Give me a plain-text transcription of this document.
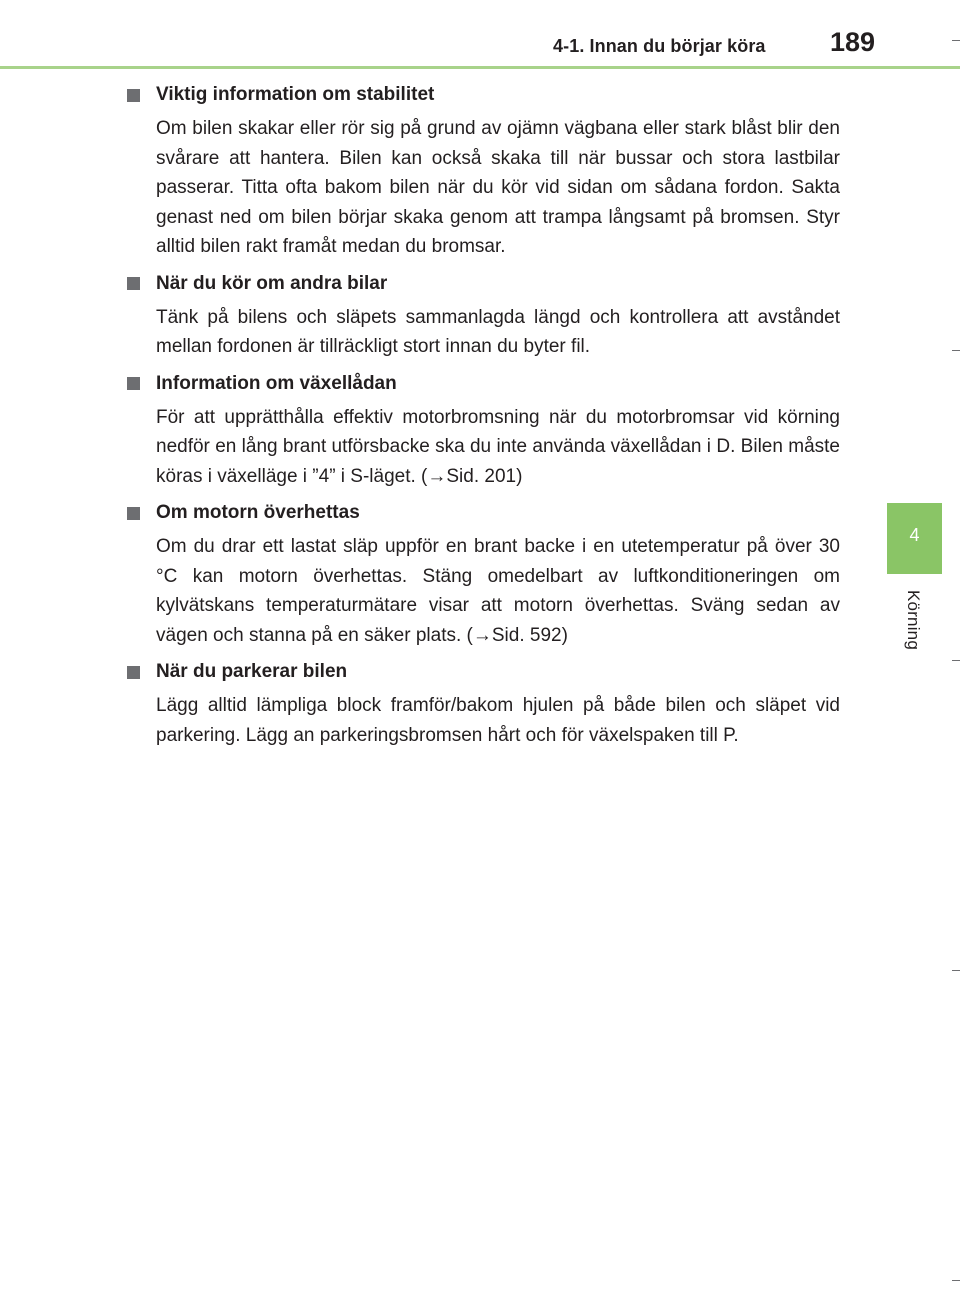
4-1. Innan du börjar köra 189
4
Körning
Viktig information om stabilitet

Om bilen skakar eller rör sig på grund av ojämn vägbana eller stark blåst blir den svårare att hantera. Bilen kan också skaka till när bussar och stora lastbilar passerar. Titta ofta bakom bilen när du kör vid sidan om sådana fordon. Sakta genast ned om bilen börjar skaka genom att trampa långsamt på bromsen. Styr alltid bilen rakt framåt medan du bromsar.

När du kör om andra bilar

Tänk på bilens och släpets sammanlagda längd och kontrollera att avståndet mellan fordonen är tillräckligt stort innan du byter fil.

Information om växellådan

För att upprätthålla effektiv motorbromsning när du motorbromsar vid körning nedför en lång brant utförsbacke ska du inte använda växellådan i D. Bilen måste köras i växelläge i ”4” i S-läget. (→Sid. 201)

Om motorn överhettas

Om du drar ett lastat släp uppför en brant backe i en utetemperatur på över 30 °C kan motorn överhettas. Stäng omedelbart av luftkonditioneringen om kylvätskans temperaturmätare visar att motorn överhettas. Sväng sedan av vägen och stanna på en säker plats. (→Sid. 592)

När du parkerar bilen

Lägg alltid lämpliga block framför/bakom hjulen på både bilen och släpet vid parkering. Lägg an parkeringsbromsen hårt och för växelspaken till P.
